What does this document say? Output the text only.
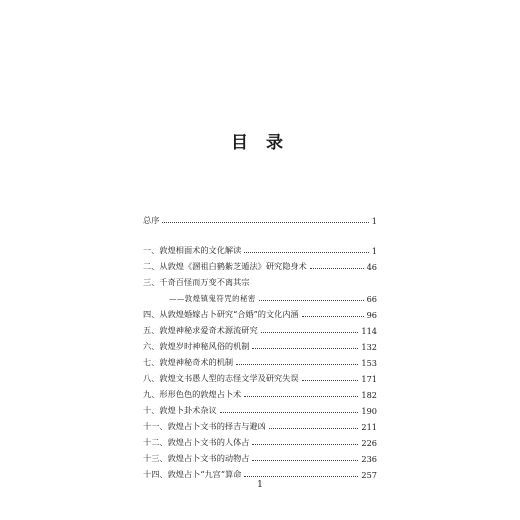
目 录
总序	1
一、敦煌相面术的文化解读	1
二、从敦煌《溷祖白鹤紫芝遁法》研究隐身术	46
三、千奇百怪而万变不离其宗
——敦煌镇鬼符咒的秘密	66
四、从敦煌婚嫁占卜研究“合婚”的文化内涵	96
五、敦煌神秘求爱奇术源流研究	114
六、敦煌岁时神秘风俗的机制	132
七、敦煌神秘奇术的机制	153
八、敦煌文书愚人型的志怪文学及研究失误	171
九、形形色色的敦煌占卜术	182
十、敦煌卜卦术杂议	190
十一、敦煌占卜文书的择吉与避凶	211
十二、敦煌占卜文书的人体占	226
十三、敦煌占卜文书的动物占	236
十四、敦煌占卜“九宫”算命	257
1
